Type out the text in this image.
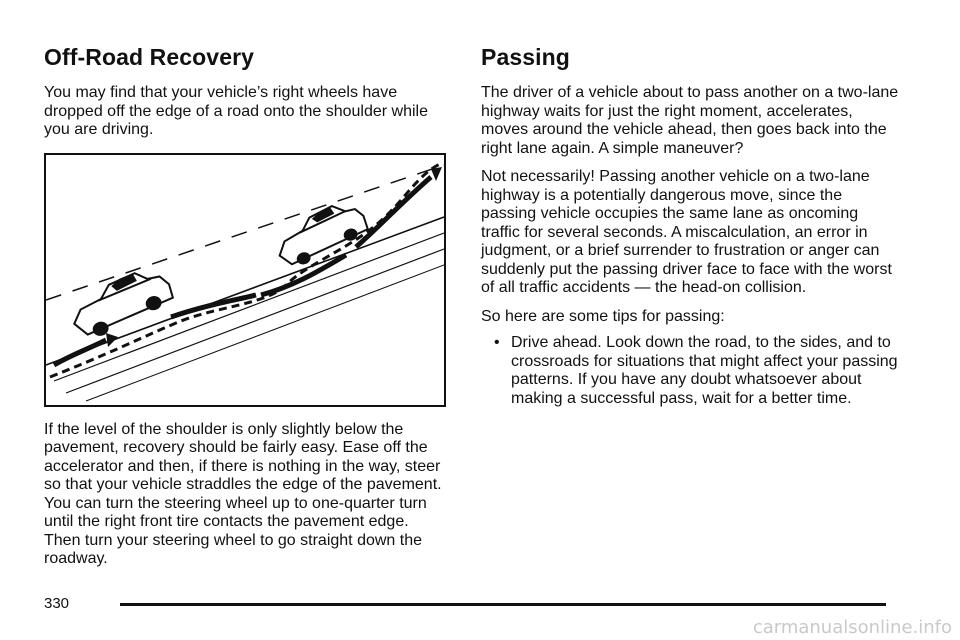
Off-Road Recovery

You may find that your vehicle’s right wheels have dropped off the edge of a road onto the shoulder while you are driving.

If the level of the shoulder is only slightly below the pavement, recovery should be fairly easy. Ease off the accelerator and then, if there is nothing in the way, steer so that your vehicle straddles the edge of the pavement. You can turn the steering wheel up to one-quarter turn until the right front tire contacts the pavement edge. Then turn your steering wheel to go straight down the roadway.

Passing

The driver of a vehicle about to pass another on a two-lane highway waits for just the right moment, accelerates, moves around the vehicle ahead, then goes back into the right lane again. A simple maneuver?

Not necessarily! Passing another vehicle on a two-lane highway is a potentially dangerous move, since the passing vehicle occupies the same lane as oncoming traffic for several seconds. A miscalculation, an error in judgment, or a brief surrender to frustration or anger can suddenly put the passing driver face to face with the worst of all traffic accidents — the head-on collision.

So here are some tips for passing:

• Drive ahead. Look down the road, to the sides, and to crossroads for situations that might affect your passing patterns. If you have any doubt whatsoever about making a successful pass, wait for a better time.
330
carmanualsonline.info
